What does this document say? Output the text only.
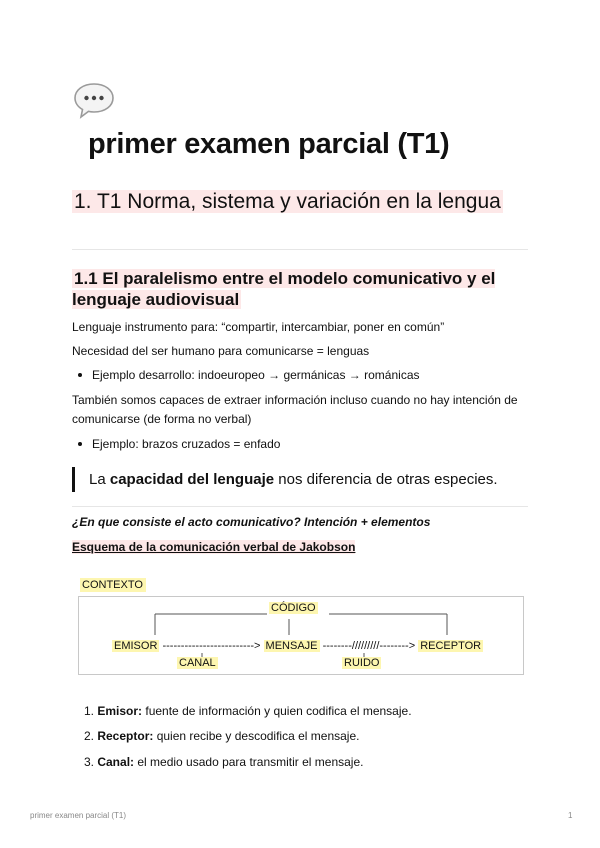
primer examen parcial (T1)
1. T1 Norma, sistema y variación en la lengua
1.1 El paralelismo entre el modelo comunicativo y el lenguaje audiovisual
Lenguaje instrumento para: “compartir, intercambiar, poner en común”
Necesidad del ser humano para comunicarse = lenguas
Ejemplo desarrollo: indoeuropeo → germánicas → románicas
También somos capaces de extraer información incluso cuando no hay intención de comunicarse (de forma no verbal)
Ejemplo: brazos cruzados = enfado
La capacidad del lenguaje nos diferencia de otras especies.
¿En que consiste el acto comunicativo? Intención + elementos
Esquema de la comunicación verbal de Jakobson
CONTEXTO
CÓDIGO
EMISOR -------------------------> MENSAJE --------/////////--------> RECEPTOR
CANAL	RUIDO
1. Emisor: fuente de información y quien codifica el mensaje.
2. Receptor: quien recibe y descodifica el mensaje.
3. Canal: el medio usado para transmitir el mensaje.
primer examen parcial (T1)	1
